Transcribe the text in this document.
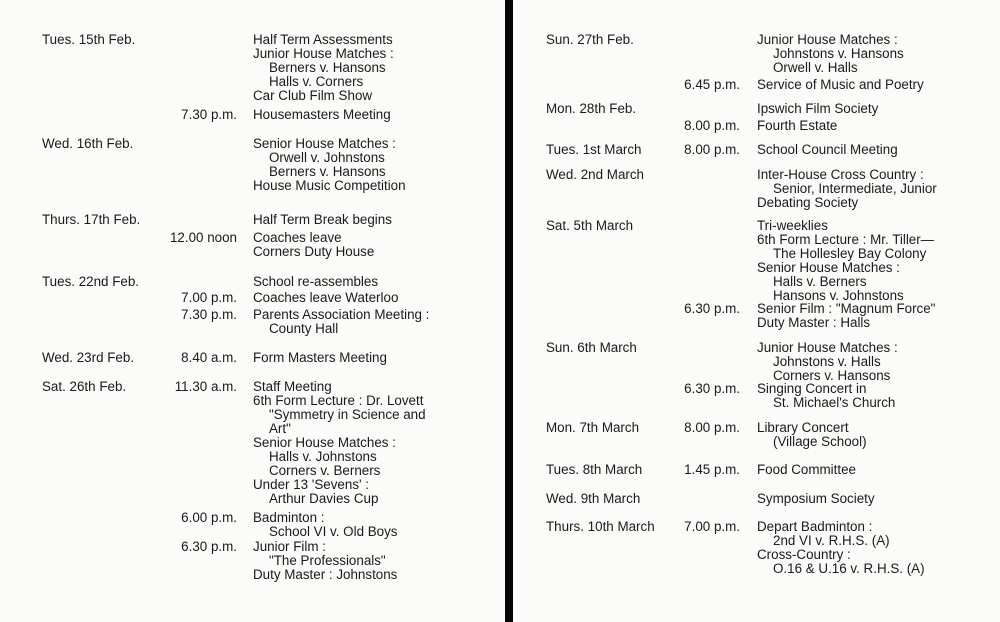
Tues. 15th Feb.	Half Term Assessments
Junior House Matches :
Berners v. Hansons
Halls v. Corners
Car Club Film Show
7.30 p.m. Housemasters Meeting
Wed. 16th Feb.	Senior House Matches :
Orwell v. Johnstons
Berners v. Hansons
House Music Competition
Thurs. 17th Feb.	Half Term Break begins
12.00 noon Coaches leave
Corners Duty House
Tues. 22nd Feb.	School re-assembles
7.00 p.m. Coaches leave Waterloo
7.30 p.m. Parents Association Meeting :
County Hall
Wed. 23rd Feb.	8.40 a.m. Form Masters Meeting
Sat. 26th Feb.	11.30 a.m. Staff Meeting
6th Form Lecture : Dr. Lovett
"Symmetry in Science and
Art"
Senior House Matches :
Halls v. Johnstons
Corners v. Berners
Under 13 'Sevens' :
Arthur Davies Cup
6.00 p.m. Badminton :
School VI v. Old Boys
6.30 p.m. Junior Film :
"The Professionals"
Duty Master : Johnstons
Sun. 27th Feb.	Junior House Matches :
Johnstons v. Hansons
Orwell v. Halls
6.45 p.m. Service of Music and Poetry
Mon. 28th Feb.	Ipswich Film Society
8.00 p.m. Fourth Estate
Tues. 1st March	8.00 p.m. School Council Meeting
Wed. 2nd March	Inter-House Cross Country :
Senior, Intermediate, Junior
Debating Society
Sat. 5th March	Tri-weeklies
6th Form Lecture : Mr. Tiller—
The Hollesley Bay Colony
Senior House Matches :
Halls v. Berners
Hansons v. Johnstons
6.30 p.m. Senior Film : "Magnum Force"
Duty Master : Halls
Sun. 6th March	Junior House Matches :
Johnstons v. Halls
Corners v. Hansons
6.30 p.m. Singing Concert in
St. Michael's Church
Mon. 7th March	8.00 p.m. Library Concert
(Village School)
Tues. 8th March	1.45 p.m. Food Committee
Wed. 9th March	Symposium Society
Thurs. 10th March 7.00 p.m. Depart Badminton :
2nd VI v. R.H.S. (A)
Cross-Country :
O.16 & U.16 v. R.H.S. (A)
